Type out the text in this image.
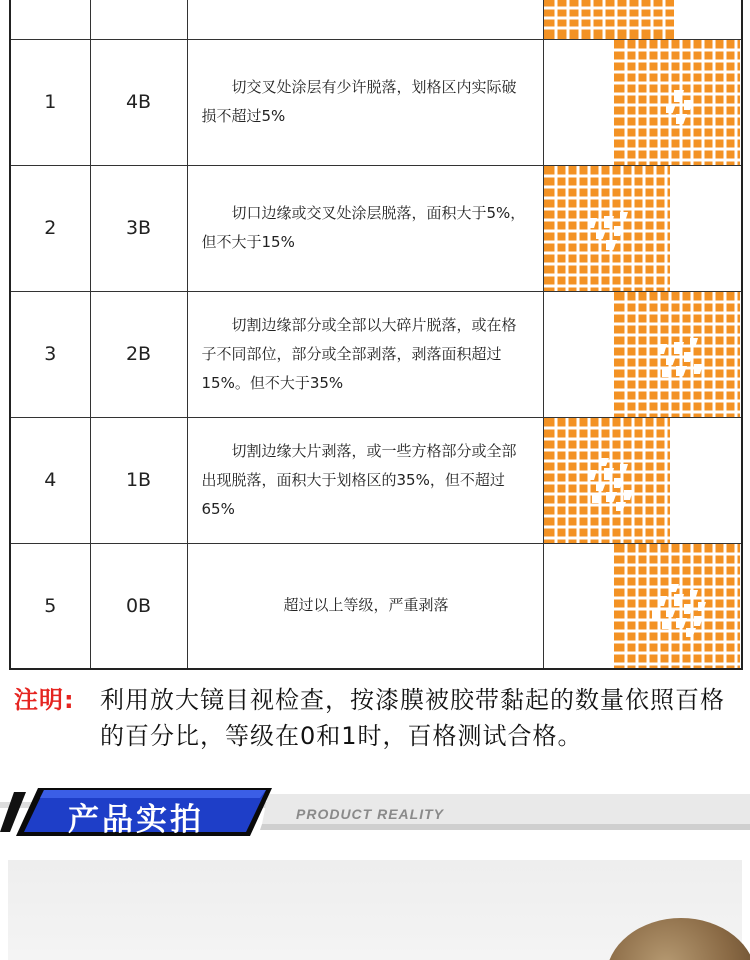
1	4B	切交叉处涂层有少许脱落，划格区内实际破损不超过5%

2	3B	切口边缘或交叉处涂层脱落，面积大于5%，但不大于15%

3	2B	切割边缘部分或全部以大碎片脱落，或在格子不同部位，部分或全部剥落，剥落面积超过15%。但不大于35%

4	1B	切割边缘大片剥落，或一些方格部分或全部出现脱落，面积大于划格区的35%，但不超过65%

5	0B	超过以上等级，严重剥落

注明:	利用放大镜目视检查，按漆膜被胶带黏起的数量依照百格的百分比，等级在0和1时，百格测试合格。
产品实拍	PRODUCT REALITY
